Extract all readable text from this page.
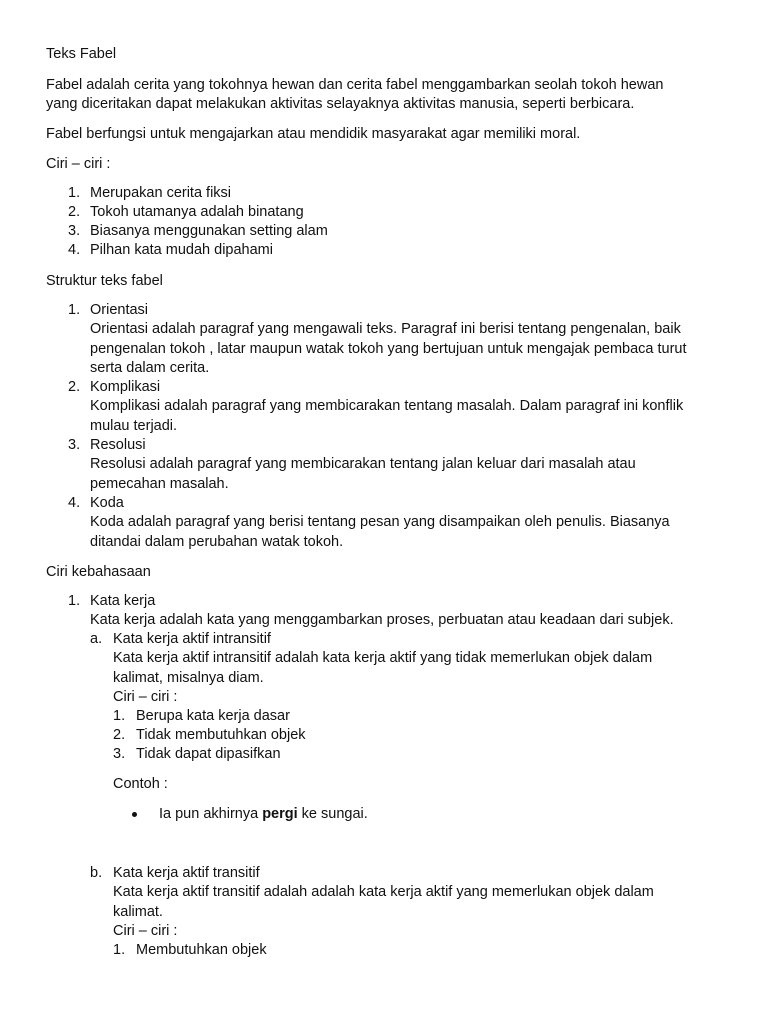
Teks Fabel
Fabel adalah cerita yang tokohnya hewan dan cerita fabel menggambarkan seolah tokoh hewan
yang diceritakan dapat melakukan aktivitas selayaknya aktivitas manusia, seperti berbicara.
Fabel berfungsi untuk mengajarkan atau mendidik masyarakat agar memiliki moral.
Ciri – ciri :
1. Merupakan cerita fiksi
2. Tokoh utamanya adalah binatang
3. Biasanya menggunakan setting alam
4. Pilhan kata mudah dipahami
Struktur teks fabel
1. Orientasi
Orientasi adalah paragraf yang mengawali teks. Paragraf ini berisi tentang pengenalan, baik
pengenalan tokoh , latar maupun watak tokoh yang bertujuan untuk mengajak pembaca turut
serta dalam cerita.
2. Komplikasi
Komplikasi adalah paragraf yang membicarakan tentang masalah. Dalam paragraf ini konflik
mulau terjadi.
3. Resolusi
Resolusi adalah paragraf yang membicarakan tentang jalan keluar dari masalah atau
pemecahan masalah.
4. Koda
Koda adalah paragraf yang berisi tentang pesan yang disampaikan oleh penulis. Biasanya
ditandai dalam perubahan watak tokoh.
Ciri kebahasaan
1. Kata kerja
Kata kerja adalah kata yang menggambarkan proses, perbuatan atau keadaan dari subjek.
a. Kata kerja aktif intransitif
Kata kerja aktif intransitif adalah kata kerja aktif yang tidak memerlukan objek dalam
kalimat, misalnya diam.
Ciri – ciri :
1. Berupa kata kerja dasar
2. Tidak membutuhkan objek
3. Tidak dapat dipasifkan
Contoh :
Ia pun akhirnya pergi ke sungai.
b. Kata kerja aktif transitif
Kata kerja aktif transitif adalah adalah kata kerja aktif yang memerlukan objek dalam
kalimat.
Ciri – ciri :
1. Membutuhkan objek
